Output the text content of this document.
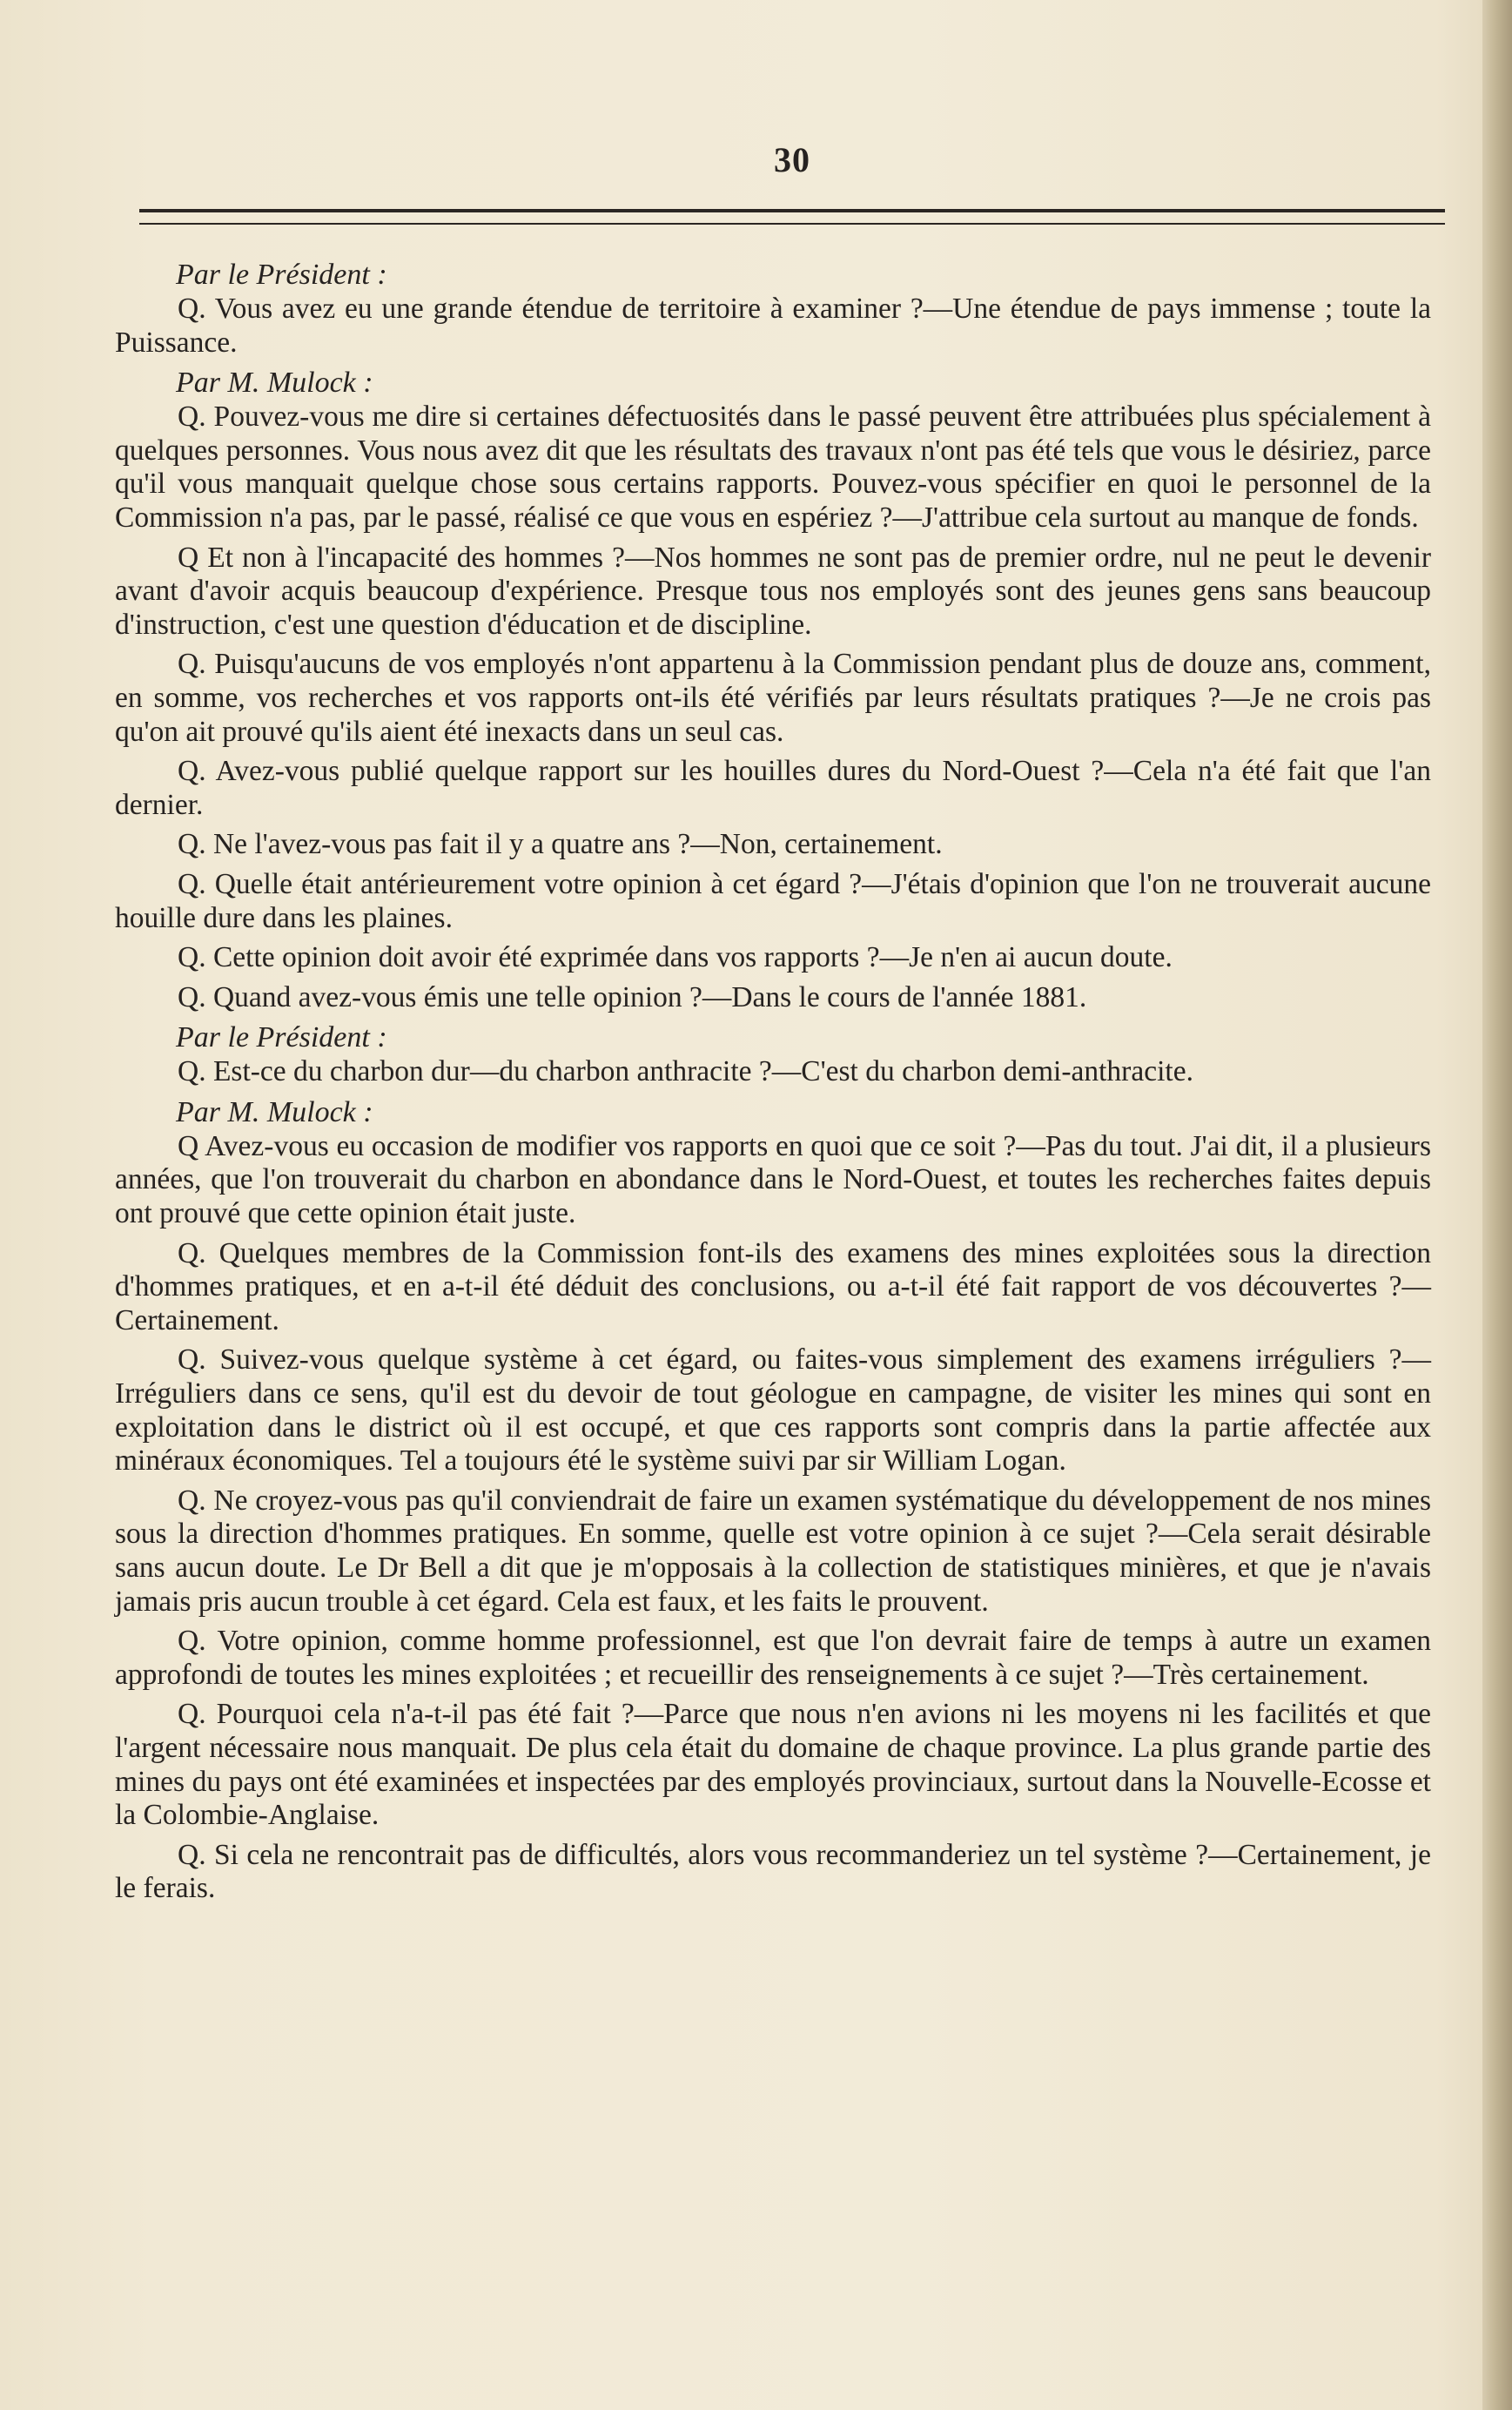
30

Par le Président :

Q. Vous avez eu une grande étendue de territoire à examiner ?—Une étendue de pays immense ; toute la Puissance.

Par M. Mulock :

Q. Pouvez-vous me dire si certaines défectuosités dans le passé peuvent être attribuées plus spécialement à quelques personnes. Vous nous avez dit que les résultats des travaux n'ont pas été tels que vous le désiriez, parce qu'il vous manquait quelque chose sous certains rapports. Pouvez-vous spécifier en quoi le personnel de la Commission n'a pas, par le passé, réalisé ce que vous en espériez ?—J'attribue cela surtout au manque de fonds.

Q Et non à l'incapacité des hommes ?—Nos hommes ne sont pas de premier ordre, nul ne peut le devenir avant d'avoir acquis beaucoup d'expérience. Presque tous nos employés sont des jeunes gens sans beaucoup d'instruction, c'est une question d'éducation et de discipline.

Q. Puisqu'aucuns de vos employés n'ont appartenu à la Commission pendant plus de douze ans, comment, en somme, vos recherches et vos rapports ont-ils été vérifiés par leurs résultats pratiques ?—Je ne crois pas qu'on ait prouvé qu'ils aient été inexacts dans un seul cas.

Q. Avez-vous publié quelque rapport sur les houilles dures du Nord-Ouest ?—Cela n'a été fait que l'an dernier.

Q. Ne l'avez-vous pas fait il y a quatre ans ?—Non, certainement.

Q. Quelle était antérieurement votre opinion à cet égard ?—J'étais d'opinion que l'on ne trouverait aucune houille dure dans les plaines.

Q. Cette opinion doit avoir été exprimée dans vos rapports ?—Je n'en ai aucun doute.

Q. Quand avez-vous émis une telle opinion ?—Dans le cours de l'année 1881.

Par le Président :

Q. Est-ce du charbon dur—du charbon anthracite ?—C'est du charbon demi-anthracite.

Par M. Mulock :

Q Avez-vous eu occasion de modifier vos rapports en quoi que ce soit ?—Pas du tout. J'ai dit, il a plusieurs années, que l'on trouverait du charbon en abondance dans le Nord-Ouest, et toutes les recherches faites depuis ont prouvé que cette opinion était juste.

Q. Quelques membres de la Commission font-ils des examens des mines exploitées sous la direction d'hommes pratiques, et en a-t-il été déduit des conclusions, ou a-t-il été fait rapport de vos découvertes ?—Certainement.

Q. Suivez-vous quelque système à cet égard, ou faites-vous simplement des examens irréguliers ?—Irréguliers dans ce sens, qu'il est du devoir de tout géologue en campagne, de visiter les mines qui sont en exploitation dans le district où il est occupé, et que ces rapports sont compris dans la partie affectée aux minéraux économiques. Tel a toujours été le système suivi par sir William Logan.

Q. Ne croyez-vous pas qu'il conviendrait de faire un examen systématique du développement de nos mines sous la direction d'hommes pratiques. En somme, quelle est votre opinion à ce sujet ?—Cela serait désirable sans aucun doute. Le Dr Bell a dit que je m'opposais à la collection de statistiques minières, et que je n'avais jamais pris aucun trouble à cet égard. Cela est faux, et les faits le prouvent.

Q. Votre opinion, comme homme professionnel, est que l'on devrait faire de temps à autre un examen approfondi de toutes les mines exploitées ; et recueillir des renseignements à ce sujet ?—Très certainement.

Q. Pourquoi cela n'a-t-il pas été fait ?—Parce que nous n'en avions ni les moyens ni les facilités et que l'argent nécessaire nous manquait. De plus cela était du domaine de chaque province. La plus grande partie des mines du pays ont été examinées et inspectées par des employés provinciaux, surtout dans la Nouvelle-Ecosse et la Colombie-Anglaise.

Q. Si cela ne rencontrait pas de difficultés, alors vous recommanderiez un tel système ?—Certainement, je le ferais.
